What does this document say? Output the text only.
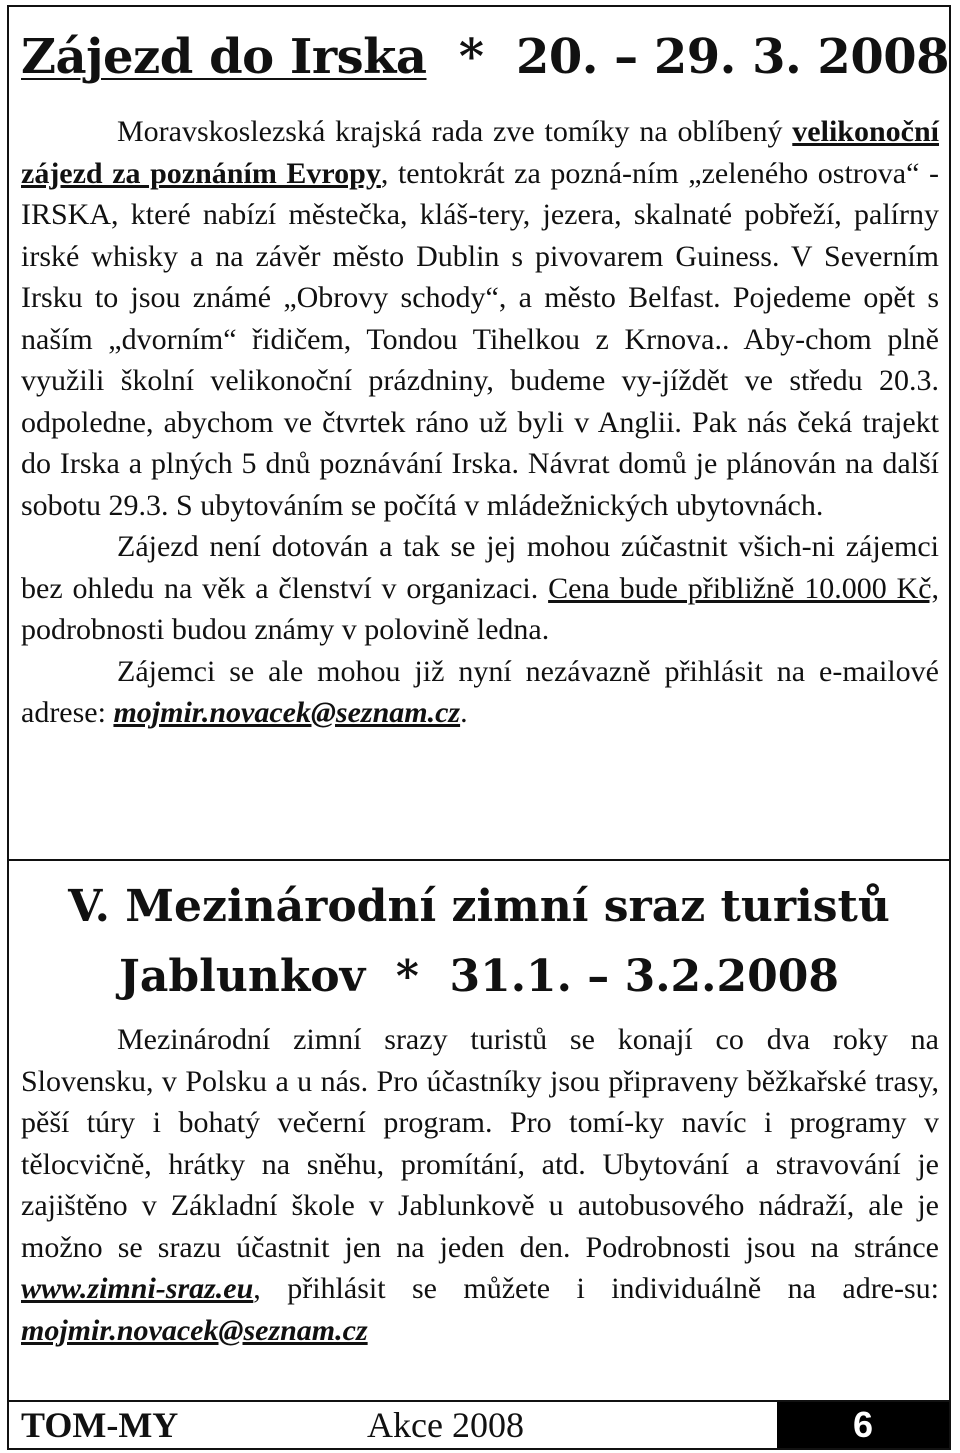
Zájezd do Irska  *  20. – 29. 3. 2008

Moravskoslezská krajská rada zve tomíky na oblíbený velikonoční zájezd za poznáním Evropy, tentokrát za pozná-ním „zeleného ostrova“ - IRSKA, které nabízí městečka, kláš-tery, jezera, skalnaté pobřeží, palírny irské whisky a na závěr město Dublin s pivovarem Guiness. V Severním Irsku to jsou známé „Obrovy schody“, a město Belfast. Pojedeme opět s naším „dvorním“ řidičem, Tondou Tihelkou z Krnova.. Aby-chom plně využili školní velikonoční prázdniny, budeme vy-jíždět ve středu 20.3. odpoledne, abychom ve čtvrtek ráno už byli v Anglii. Pak nás čeká trajekt do Irska a plných 5 dnů poznávání Irska. Návrat domů je plánován na další sobotu 29.3. S ubytováním se počítá v mládežnických ubytovnách.

Zájezd není dotován a tak se jej mohou zúčastnit všich-ni zájemci bez ohledu na věk a členství v organizaci. Cena bude přibližně 10.000 Kč, podrobnosti budou známy v polovině ledna.

Zájemci se ale mohou již nyní nezávazně přihlásit na e-mailové adrese: mojmir.novacek@seznam.cz.

V. Mezinárodní zimní sraz turistů
Jablunkov  *  31.1. – 3.2.2008

Mezinárodní zimní srazy turistů se konají co dva roky na Slovensku, v Polsku a u nás. Pro účastníky jsou připraveny běžkařské trasy, pěší túry i bohatý večerní program. Pro tomí-ky navíc i programy v tělocvičně, hrátky na sněhu, promítání, atd. Ubytování a stravování je zajištěno v Základní škole v Jablunkově u autobusového nádraží, ale je možno se srazu účastnit jen na jeden den. Podrobnosti jsou na stránce www.zimni-sraz.eu, přihlásit se můžete i individuálně na adre-su: mojmir.novacek@seznam.cz

TOM-MY	Akce 2008	6
